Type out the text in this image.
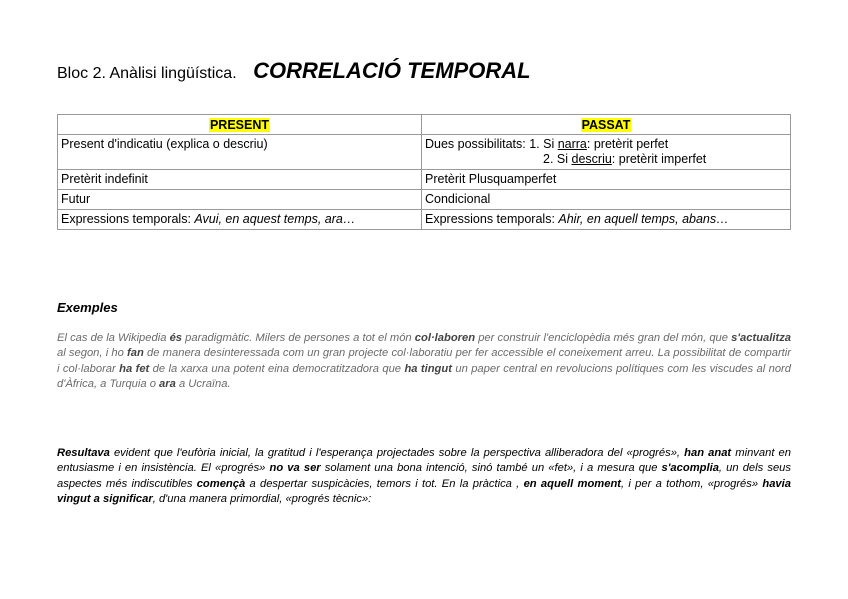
Bloc 2. Anàlisi lingüística. CORRELACIÓ TEMPORAL
PRESENT	PASSAT
Present d'indicatiu (explica o descriu)	Dues possibilitats: 1. Si narra: pretèrit perfet
2. Si descriu: pretèrit imperfet

Pretèrit indefinit	Pretèrit Plusquamperfet
Futur	Condicional
Expressions temporals: Avui, en aquest temps, ara…	Expressions temporals: Ahir, en aquell temps, abans…
Exemples

El cas de la Wikipedia és paradigmàtic. Milers de persones a tot el món col·laboren per construir l'enciclopèdia més gran del món, que s'actualitza al segon, i ho fan de manera desinteressada com un gran projecte col·laboratiu per fer accessible el coneixement arreu. La possibilitat de compartir i col·laborar ha fet de la xarxa una potent eina democratitzadora que ha tingut un paper central en revolucions polítiques com les viscudes al nord d'Àfrica, a Turquia o ara a Ucraïna.

Resultava evident que l'eufòria inicial, la gratitud i l'esperança projectades sobre la perspectiva alliberadora del «progrés», han anat minvant en entusiasme i en insistència. El «progrés» no va ser solament una bona intenció, sinó també un «fet», i a mesura que s'acomplia, un dels seus aspectes més indiscutibles començà a despertar suspicàcies, temors i tot. En la pràctica , en aquell moment, i per a tothom, «progrés» havia vingut a significar, d'una manera primordial, «progrés tècnic»:
